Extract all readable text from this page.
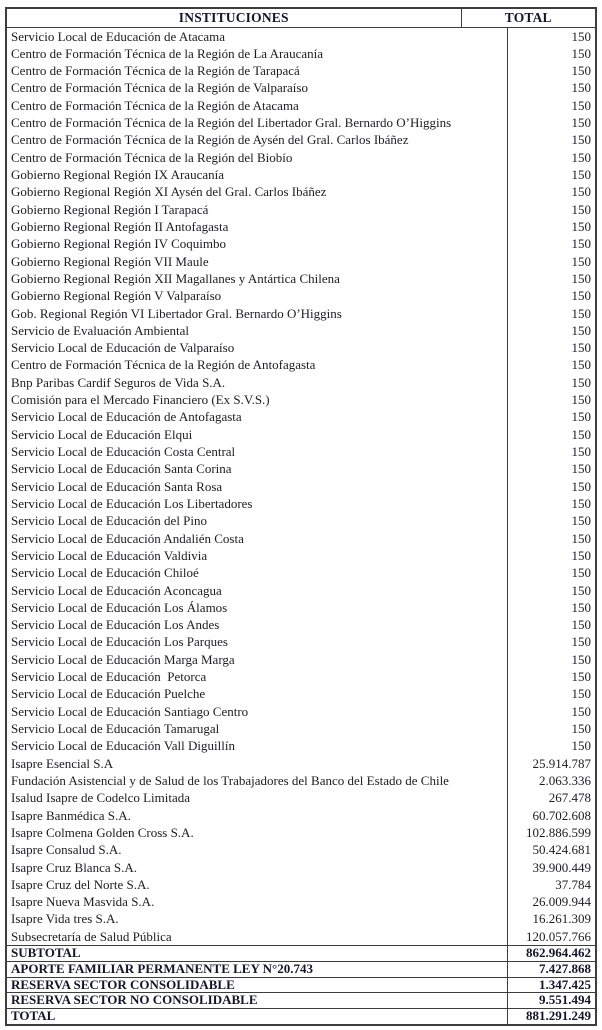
INSTITUCIONES	TOTAL	
Servicio Local de Educación de Atacama		150
Centro de Formación Técnica de la Región de La Araucanía		150
Centro de Formación Técnica de la Región de Tarapacá		150
Centro de Formación Técnica de la Región de Valparaíso		150
Centro de Formación Técnica de la Región de Atacama		150
Centro de Formación Técnica de la Región del Libertador Gral. Bernardo O’Higgins		150
Centro de Formación Técnica de la Región de Aysén del Gral. Carlos Ibáñez		150
Centro de Formación Técnica de la Región del Biobío		150
Gobierno Regional Región IX Araucanía		150
Gobierno Regional Región XI Aysén del Gral. Carlos Ibáñez		150
Gobierno Regional Región I Tarapacá		150
Gobierno Regional Región II Antofagasta		150
Gobierno Regional Región IV Coquimbo		150
Gobierno Regional Región VII Maule		150
Gobierno Regional Región XII Magallanes y Antártica Chilena		150
Gobierno Regional Región V Valparaíso		150
Gob. Regional Región VI Libertador Gral. Bernardo O’Higgins		150
Servicio de Evaluación Ambiental		150
Servicio Local de Educación de Valparaíso		150
Centro de Formación Técnica de la Región de Antofagasta		150
Bnp Paribas Cardif Seguros de Vida S.A.		150
Comisión para el Mercado Financiero (Ex S.V.S.)		150
Servicio Local de Educación de Antofagasta		150
Servicio Local de Educación Elqui		150
Servicio Local de Educación Costa Central		150
Servicio Local de Educación Santa Corina		150
Servicio Local de Educación Santa Rosa		150
Servicio Local de Educación Los Libertadores		150
Servicio Local de Educación del Pino		150
Servicio Local de Educación Andalién Costa		150
Servicio Local de Educación Valdivia		150
Servicio Local de Educación Chiloé		150
Servicio Local de Educación Aconcagua		150
Servicio Local de Educación Los Álamos		150
Servicio Local de Educación Los Andes		150
Servicio Local de Educación Los Parques		150
Servicio Local de Educación Marga Marga		150
Servicio Local de Educación  Petorca		150
Servicio Local de Educación Puelche		150
Servicio Local de Educación Santiago Centro		150
Servicio Local de Educación Tamarugal		150
Servicio Local de Educación Vall Diguillín		150
Isapre Esencial S.A		25.914.787
Fundación Asistencial y de Salud de los Trabajadores del Banco del Estado de Chile		2.063.336
Isalud Isapre de Codelco Limitada		267.478
Isapre Banmédica S.A.		60.702.608
Isapre Colmena Golden Cross S.A.		102.886.599
Isapre Consalud S.A.		50.424.681
Isapre Cruz Blanca S.A.		39.900.449
Isapre Cruz del Norte S.A.		37.784
Isapre Nueva Masvida S.A.		26.009.944
Isapre Vida tres S.A.		16.261.309
Subsecretaría de Salud Pública		120.057.766
SUBTOTAL		862.964.462
APORTE FAMILIAR PERMANENTE LEY N°20.743		7.427.868
RESERVA SECTOR CONSOLIDABLE		1.347.425
RESERVA SECTOR NO CONSOLIDABLE		9.551.494
TOTAL		881.291.249
